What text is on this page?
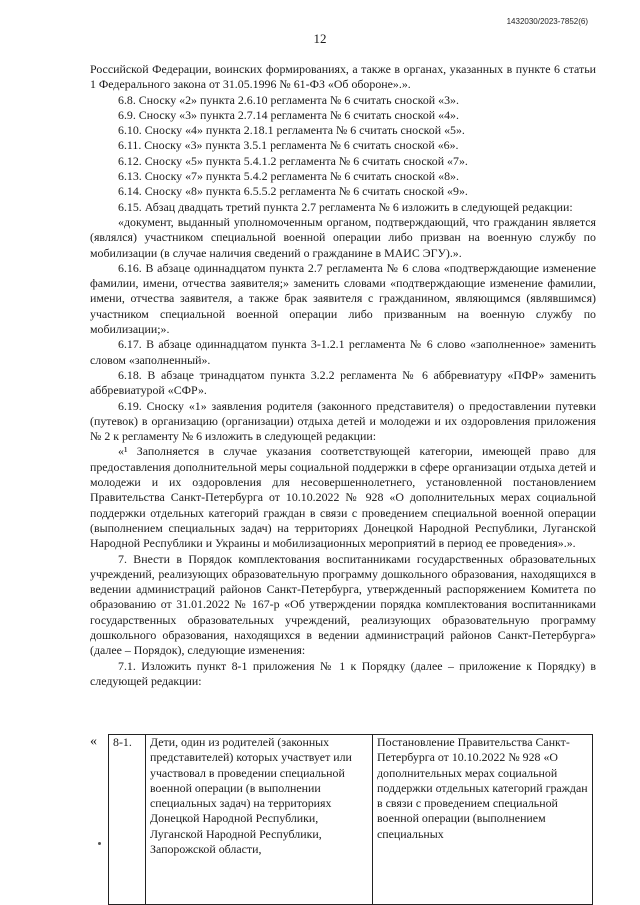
1432030/2023-7852(6)
12

Российской Федерации, воинских формированиях, а также в органах, указанных в пункте 6 статьи 1 Федерального закона от 31.05.1996 № 61-ФЗ «Об обороне».».

6.8. Сноску «2» пункта 2.6.10 регламента № 6 считать сноской «3».

6.9. Сноску «3» пункта 2.7.14 регламента № 6 считать сноской «4».

6.10. Сноску «4» пункта 2.18.1 регламента № 6 считать сноской «5».

6.11. Сноску «3» пункта 3.5.1 регламента № 6 считать сноской «6».

6.12. Сноску «5» пункта 5.4.1.2 регламента № 6 считать сноской «7».

6.13. Сноску «7» пункта 5.4.2 регламента № 6 считать сноской «8».

6.14. Сноску «8» пункта 6.5.5.2 регламента № 6 считать сноской «9».

6.15. Абзац двадцать третий пункта 2.7 регламента № 6 изложить в следующей редакции:

«документ, выданный уполномоченным органом, подтверждающий, что гражданин является (являлся) участником специальной военной операции либо призван на военную службу по мобилизации (в случае наличия сведений о гражданине в МАИС ЭГУ).».

6.16. В абзаце одиннадцатом пункта 2.7 регламента № 6 слова «подтверждающие изменение фамилии, имени, отчества заявителя;» заменить словами «подтверждающие изменение фамилии, имени, отчества заявителя, а также брак заявителя с гражданином, являющимся (являвшимся) участником специальной военной операции либо призванным на военную службу по мобилизации;».

6.17. В абзаце одиннадцатом пункта 3-1.2.1 регламента № 6 слово «заполненное» заменить словом «заполненный».

6.18. В абзаце тринадцатом пункта 3.2.2 регламента № 6 аббревиатуру «ПФР» заменить аббревиатурой «СФР».

6.19. Сноску «1» заявления родителя (законного представителя) о предоставлении путевки (путевок) в организацию (организации) отдыха детей и молодежи и их оздоровления приложения № 2 к регламенту № 6 изложить в следующей редакции:

«¹ Заполняется в случае указания соответствующей категории, имеющей право для предоставления дополнительной меры социальной поддержки в сфере организации отдыха детей и молодежи и их оздоровления для несовершеннолетнего, установленной постановлением Правительства Санкт-Петербурга от 10.10.2022 № 928 «О дополнительных мерах социальной поддержки отдельных категорий граждан в связи с проведением специальной военной операции (выполнением специальных задач) на территориях Донецкой Народной Республики, Луганской Народной Республики и Украины и мобилизационных мероприятий в период ее проведения».».

7. Внести в Порядок комплектования воспитанниками государственных образовательных учреждений, реализующих образовательную программу дошкольного образования, находящихся в ведении администраций районов Санкт-Петербурга, утвержденный распоряжением Комитета по образованию от 31.01.2022 № 167-р «Об утверждении порядка комплектования воспитанниками государственных образовательных учреждений, реализующих образовательную программу дошкольного образования, находящихся в ведении администраций районов Санкт-Петербурга» (далее – Порядок), следующие изменения:

7.1. Изложить пункт 8-1 приложения № 1 к Порядку (далее – приложение к Порядку) в следующей редакции:

« 8-1.	Дети, один из родителей (законных представителей) которых участвует или участвовал в проведении специальной военной операции (в выполнении специальных задач) на территориях Донецкой Народной Республики, Луганской Народной Республики, Запорожской области,	Постановление Правительства Санкт-Петербурга от 10.10.2022 № 928 «О дополнительных мерах социальной поддержки отдельных категорий граждан в связи с проведением специальной военной операции (выполнением специальных
